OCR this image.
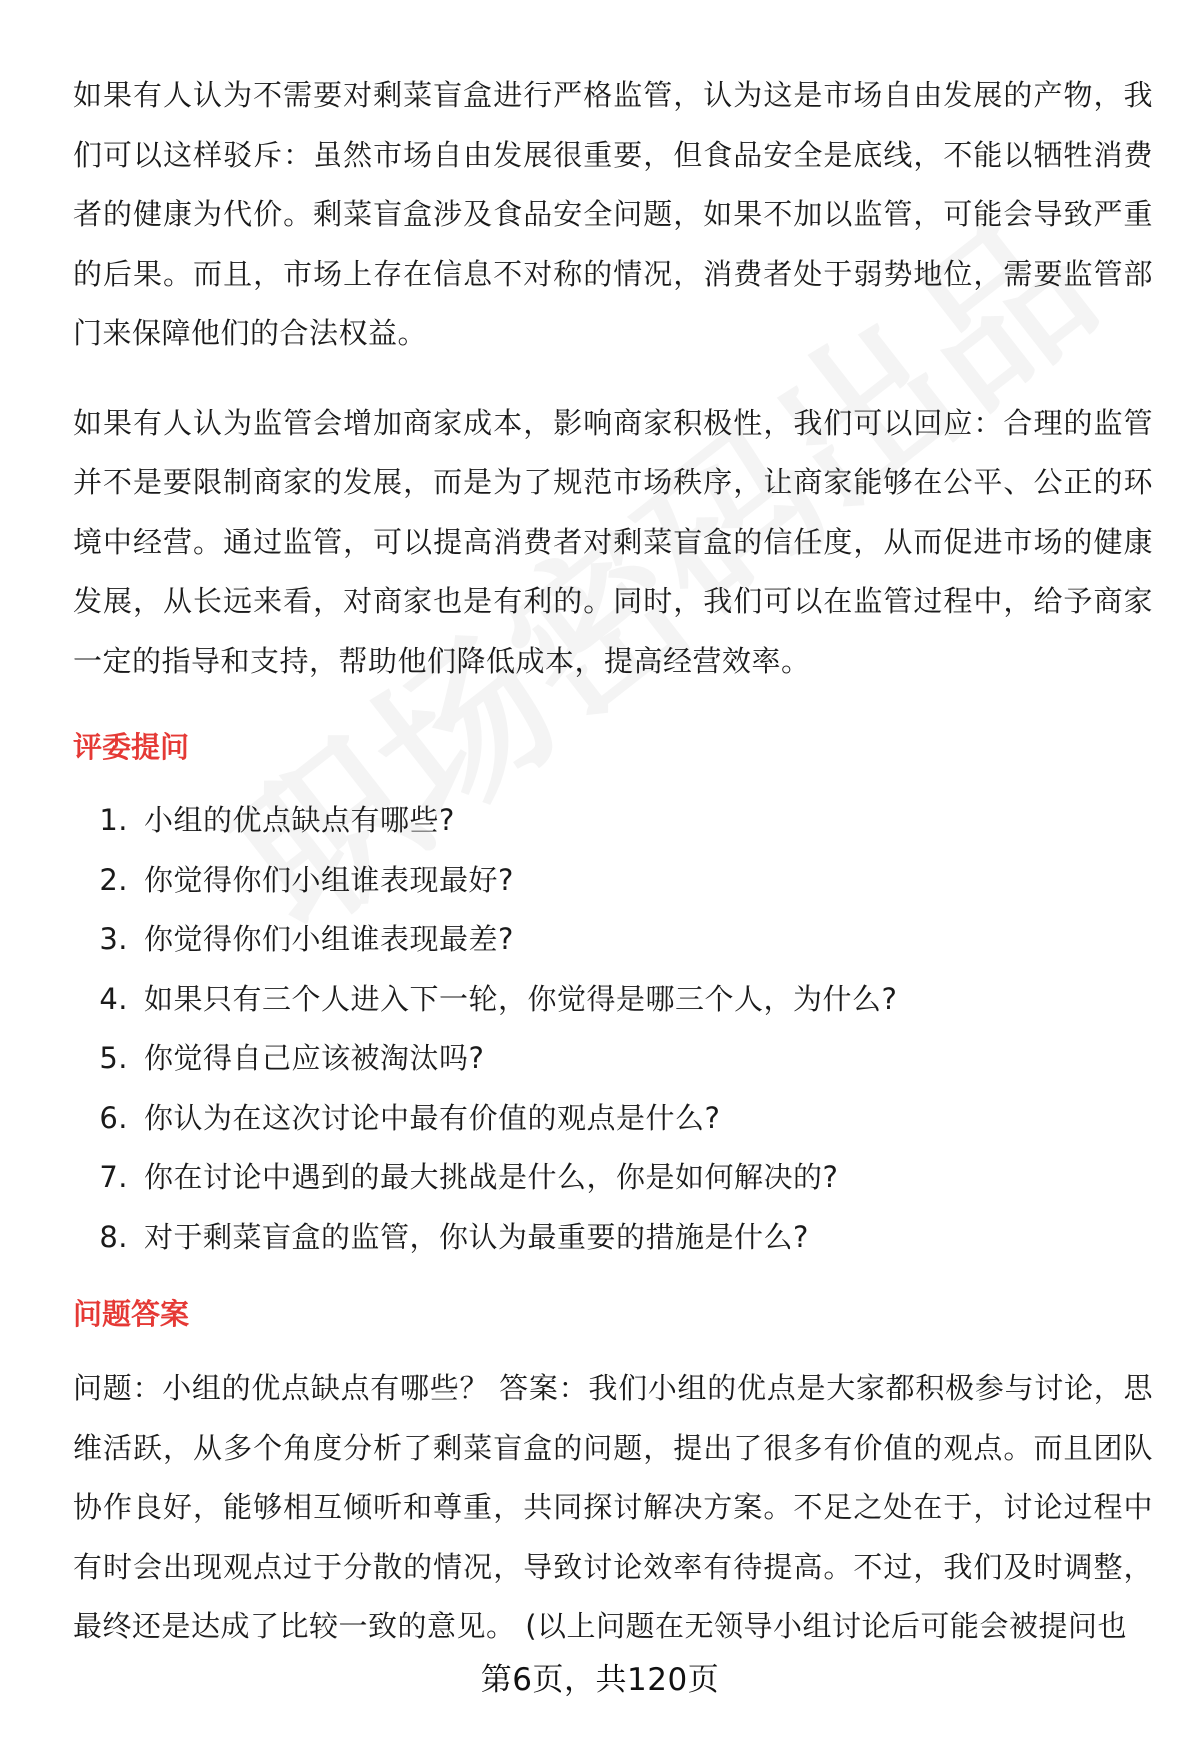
如果有人认为不需要对剩菜盲盒进行严格监管，认为这是市场自由发展的产物，我们可以这样驳斥：虽然市场自由发展很重要，但食品安全是底线，不能以牺牲消费者的健康为代价。剩菜盲盒涉及食品安全问题，如果不加以监管，可能会导致严重的后果。而且，市场上存在信息不对称的情况，消费者处于弱势地位，需要监管部门来保障他们的合法权益。

如果有人认为监管会增加商家成本，影响商家积极性，我们可以回应：合理的监管并不是要限制商家的发展，而是为了规范市场秩序，让商家能够在公平、公正的环境中经营。通过监管，可以提高消费者对剩菜盲盒的信任度，从而促进市场的健康发展，从长远来看，对商家也是有利的。同时，我们可以在监管过程中，给予商家一定的指导和支持，帮助他们降低成本，提高经营效率。

评委提问
1. 小组的优点缺点有哪些?
2. 你觉得你们小组谁表现最好?
3. 你觉得你们小组谁表现最差?
4. 如果只有三个人进入下一轮，你觉得是哪三个人，为什么?
5. 你觉得自己应该被淘汰吗?
6. 你认为在这次讨论中最有价值的观点是什么?
7. 你在讨论中遇到的最大挑战是什么，你是如何解决的?
8. 对于剩菜盲盒的监管，你认为最重要的措施是什么?
问题答案

问题：小组的优点缺点有哪些？ 答案：我们小组的优点是大家都积极参与讨论，思维活跃，从多个角度分析了剩菜盲盒的问题，提出了很多有价值的观点。而且团队协作良好，能够相互倾听和尊重，共同探讨解决方案。不足之处在于，讨论过程中有时会出现观点过于分散的情况，导致讨论效率有待提高。不过，我们及时调整，最终还是达成了比较一致的意见。 (以上问题在无领导小组讨论后可能会被提问也

第6页，共120页
